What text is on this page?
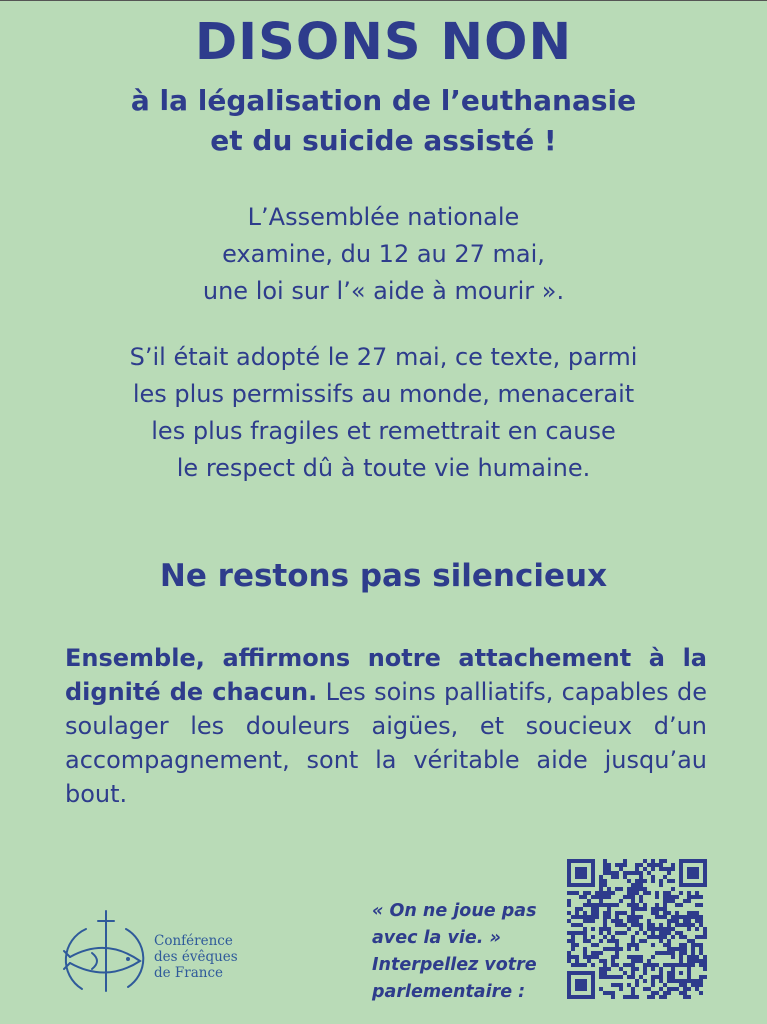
DISONS NON
à la légalisation de l’euthanasie
et du suicide assisté !
L’Assemblée nationale
examine, du 12 au 27 mai,
une loi sur l’« aide à mourir ».
S’il était adopté le 27 mai, ce texte, parmi
les plus permissifs au monde, menacerait
les plus fragiles et remettrait en cause
le respect dû à toute vie humaine.
Ne restons pas silencieux

Ensemble, affirmons notre attachement à la dignité de chacun. Les soins palliatifs, capables de soulager les douleurs aigües, et soucieux d’un accompagnement, sont la véritable aide jusqu’au bout.

Conférence
des évêques
de France
« On ne joue pas
avec la vie. »
Interpellez votre
parlementaire :
